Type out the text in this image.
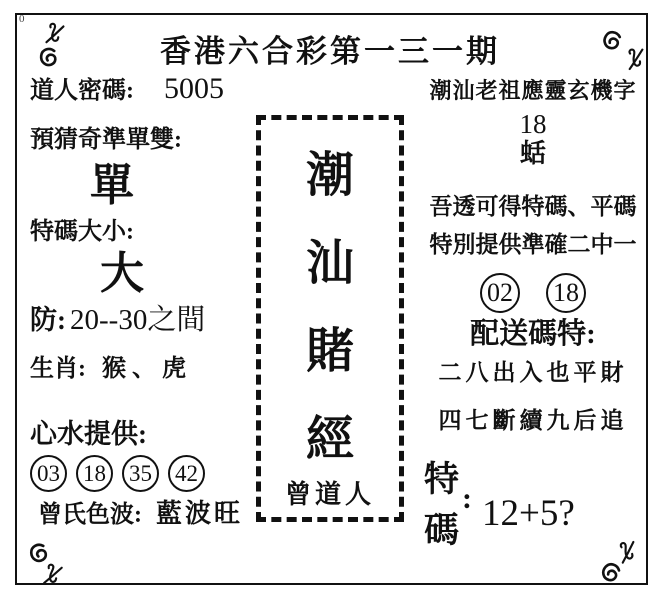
0
香港六合彩第一三一期
道人密碼: 5005
預猜奇準單雙:
單
特碼大小:
大
防: 20--30之間
生肖: 猴、虎
心水提供:
03	18	35	42
曾氏色波: 藍波旺
潮
汕
賭
經
曾道人
潮汕老祖應靈玄機字
18
蛞
吾透可得特碼、平碼
特別提供準確二中一
02 18
配送碼特:
二八出入也平財
四七斷續九后追
特
碼
: 12+5?
